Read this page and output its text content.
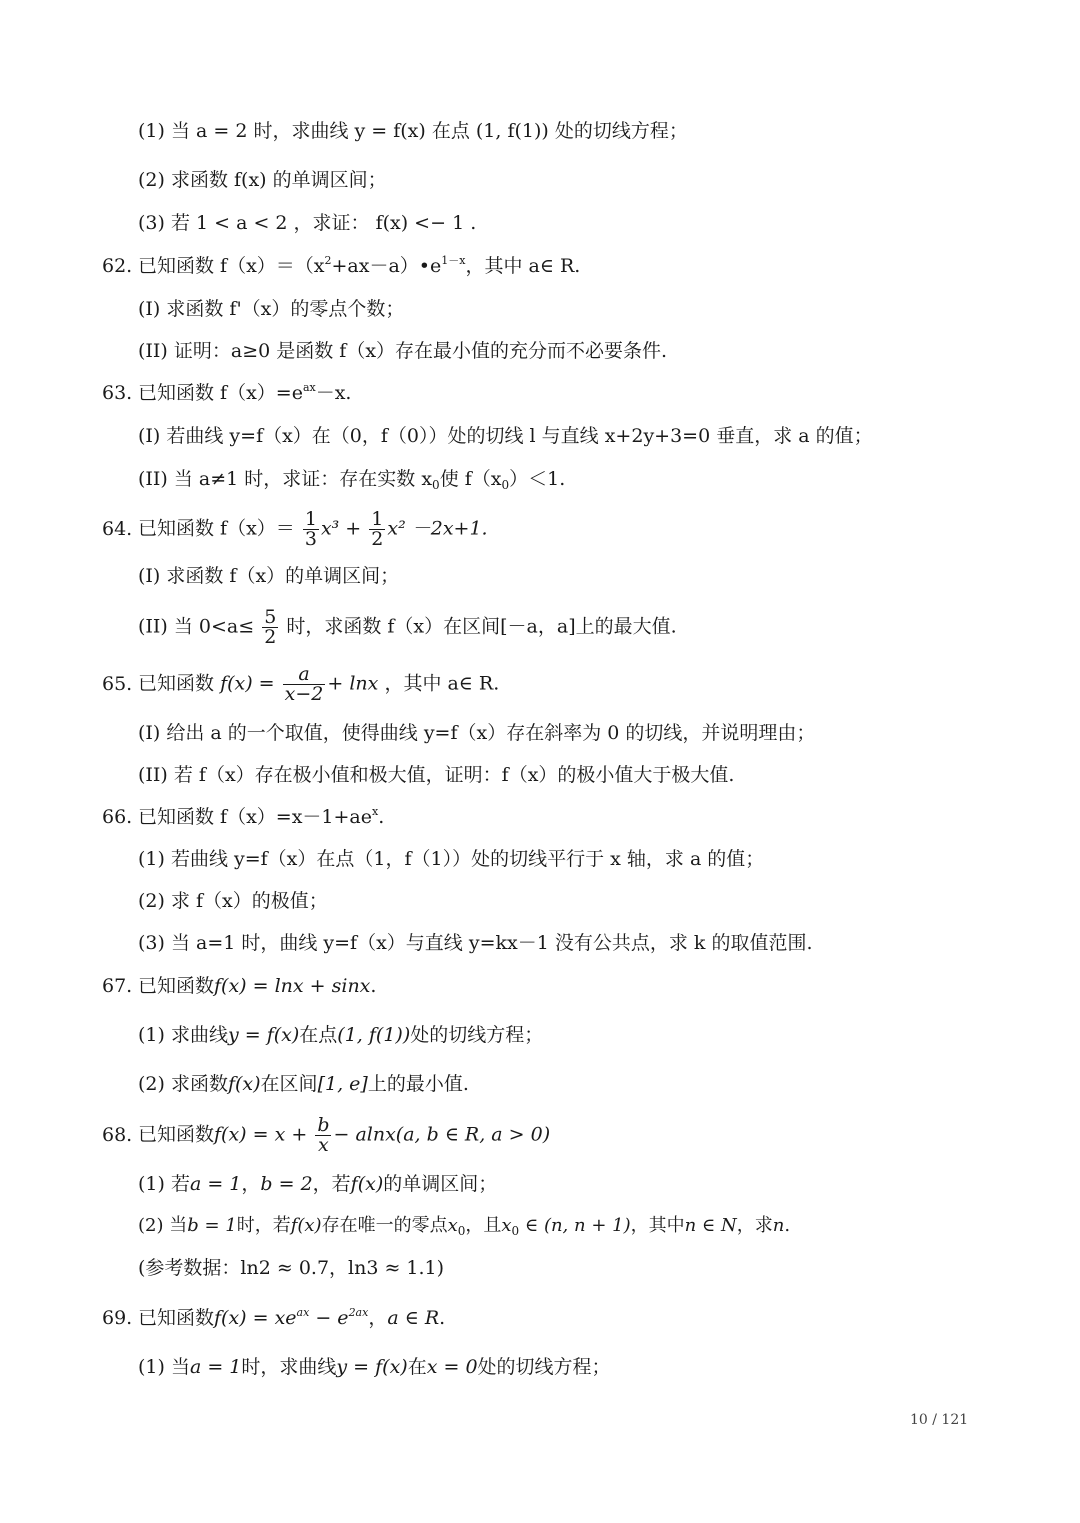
(1) 当 a = 2 时，求曲线 y = f(x) 在点 (1, f(1)) 处的切线方程；
(2) 求函数 f(x) 的单调区间；
(3) 若 1 < a < 2 ，求证： f(x) <− 1 .
62. 已知函数 $f(x)=(x^2+ax-a)•e^{1-x}$，其中 a∈ R.
(I) 求函数 f'（x）的零点个数；
(II) 证明：a≥0 是函数 f（x）存在最小值的充分而不必要条件.
63. 已知函数 $f(x)=e^{ax}-x$.
(I) 若曲线 y=f（x）在（0，f（0））处的切线 l 与直线 x+2y+3=0 垂直，求 a 的值；
(II) 当 a≠1 时，求证：存在实数 $x_0$使 $f(x_0)<1$.
64. 已知函数 $f(x)= \frac{1}{3} x^3 + \frac{1}{2} x^2 -2x+1$.
(I) 求函数 f（x）的单调区间；
(II) 当 $0<a\le \frac{5}{2}$ 时，求函数 f（x）在区间[－a，a]上的最大值.
65. 已知函数 $f(x) = \frac{a}{x-2} + \ln x$ ，其中 a∈ R.
(I) 给出 a 的一个取值，使得曲线 y=f（x）存在斜率为 0 的切线，并说明理由；
(II) 若 f（x）存在极小值和极大值，证明：f（x）的极小值大于极大值.
66. 已知函数 $f(x)=x-1+ae^x$.
(1) 若曲线 y=f（x）在点（1，f（1））处的切线平行于 x 轴，求 a 的值；
(2) 求 f（x）的极值；
(3) 当 a=1 时，曲线 y=f（x）与直线 y=kx－1 没有公共点，求 k 的取值范围.
67. 已知函数f(x) = lnx + sinx.
(1) 求曲线y = f(x)在点(1, f(1))处的切线方程；
(2) 求函数f(x)在区间[1, e]上的最小值.
68. 已知函数$f(x) = x + \frac{b}{x} - alnx(a$, b ∈ R, a > 0)
(1) 若a = 1，b = 2，若f(x)的单调区间；
(2) 当b = 1时，若f(x)存在唯一的零点$x_0$，且$x_0$ ∈ (n, n + 1)，其中n ∈ N，求n.
(参考数据：ln2 ≈ 0.7，ln3 ≈ 1.1)
69. 已知函数$f(x) = xe^{ax} - e^{2ax}$，a ∈ R.
(1) 当a = 1时，求曲线y = f(x)在x = 0处的切线方程；
10 / 121
